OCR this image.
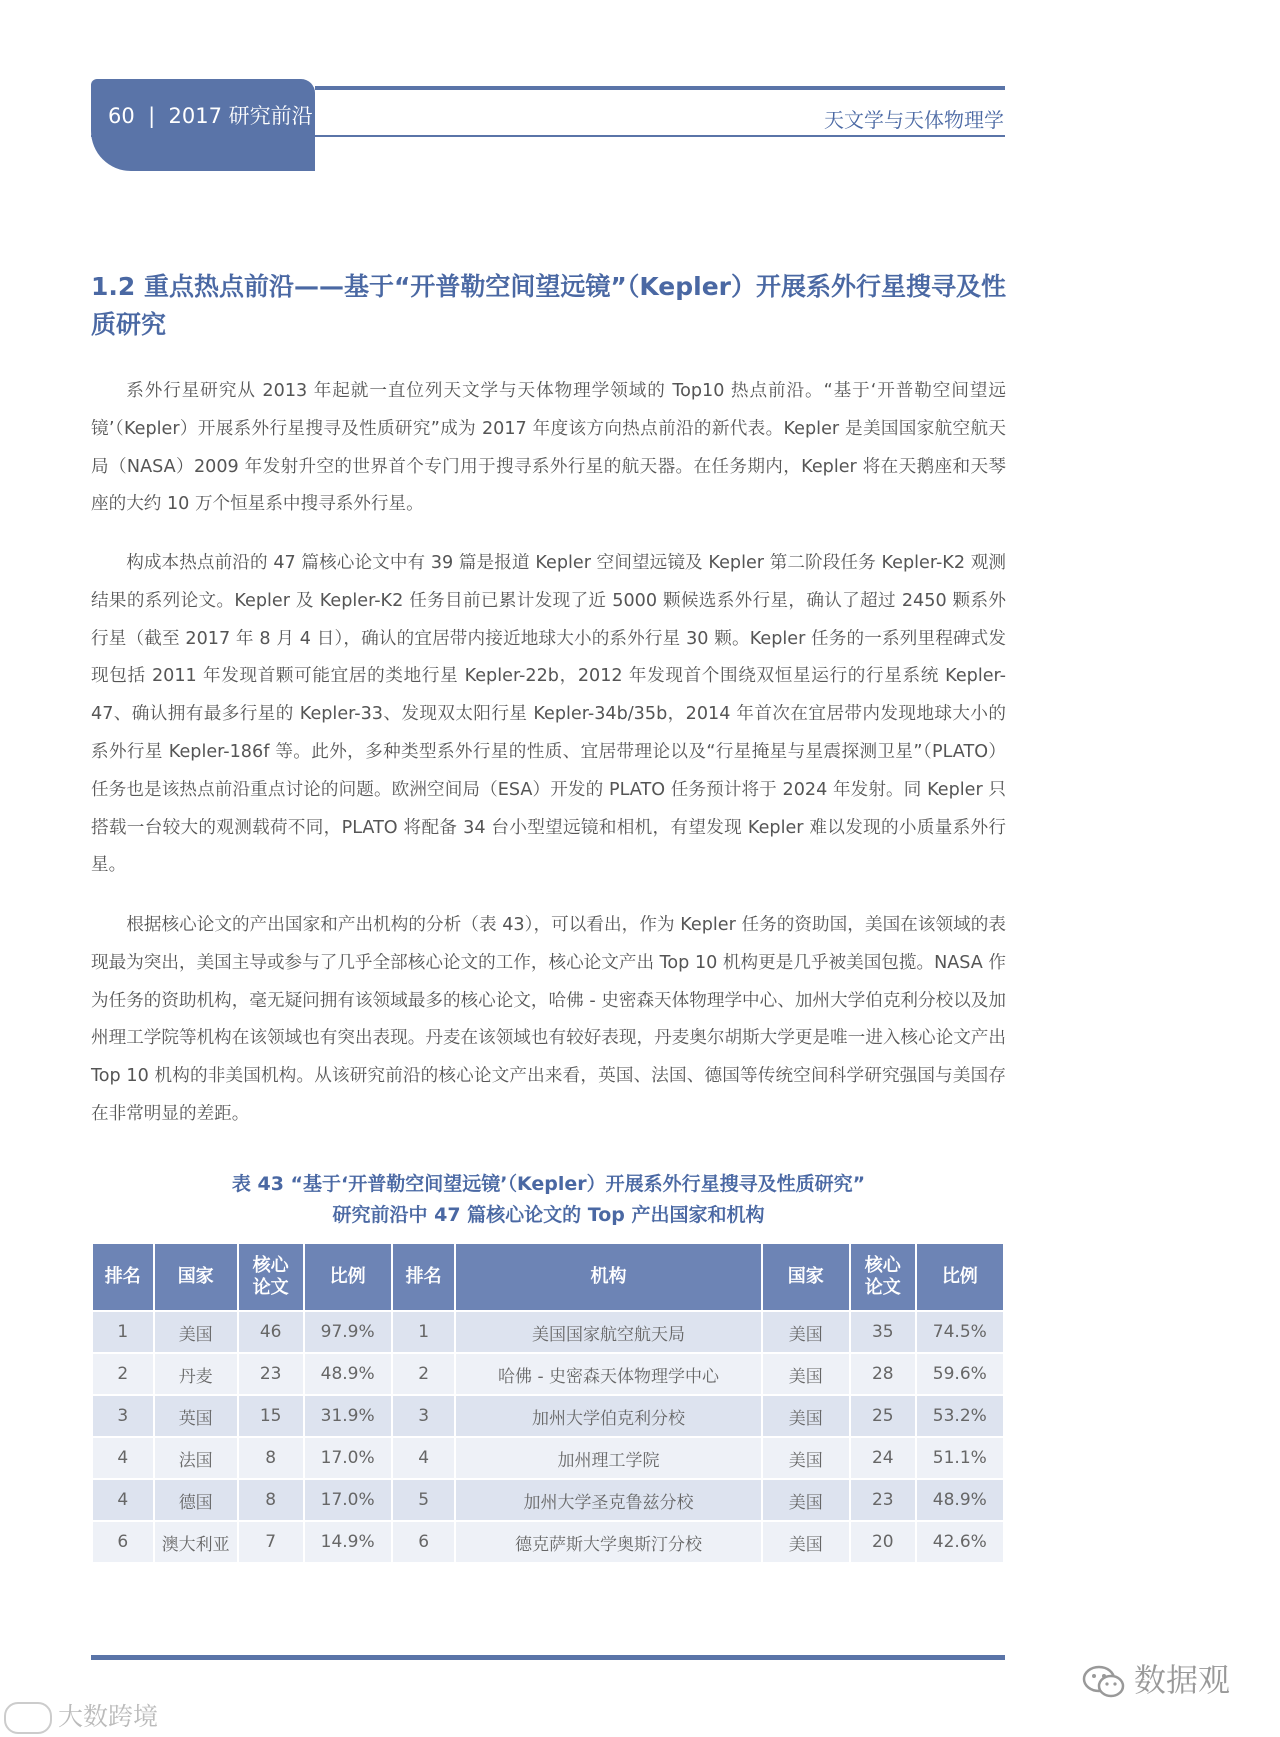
60  |  2017 研究前沿	天文学与天体物理学
1.2 重点热点前沿——基于“开普勒空间望远镜”（Kepler）开展系外行星搜寻及性质研究
系外行星研究从 2013 年起就一直位列天文学与天体物理学领域的 Top10 热点前沿。“基于‘开普勒空间望远镜’（Kepler）开展系外行星搜寻及性质研究”成为 2017 年度该方向热点前沿的新代表。Kepler 是美国国家航空航天局（NASA）2009 年发射升空的世界首个专门用于搜寻系外行星的航天器。在任务期内，Kepler 将在天鹅座和天琴座的大约 10 万个恒星系中搜寻系外行星。
构成本热点前沿的 47 篇核心论文中有 39 篇是报道 Kepler 空间望远镜及 Kepler 第二阶段任务 Kepler-K2 观测结果的系列论文。Kepler 及 Kepler-K2 任务目前已累计发现了近 5000 颗候选系外行星，确认了超过 2450 颗系外行星（截至 2017 年 8 月 4 日），确认的宜居带内接近地球大小的系外行星 30 颗。Kepler 任务的一系列里程碑式发现包括 2011 年发现首颗可能宜居的类地行星 Kepler-22b，2012 年发现首个围绕双恒星运行的行星系统 Kepler-47、确认拥有最多行星的 Kepler-33、发现双太阳行星 Kepler-34b/35b，2014 年首次在宜居带内发现地球大小的系外行星 Kepler-186f 等。此外，多种类型系外行星的性质、宜居带理论以及“行星掩星与星震探测卫星”（PLATO）任务也是该热点前沿重点讨论的问题。欧洲空间局（ESA）开发的 PLATO 任务预计将于 2024 年发射。同 Kepler 只搭载一台较大的观测载荷不同，PLATO 将配备 34 台小型望远镜和相机，有望发现 Kepler 难以发现的小质量系外行星。
根据核心论文的产出国家和产出机构的分析（表 43），可以看出，作为 Kepler 任务的资助国，美国在该领域的表现最为突出，美国主导或参与了几乎全部核心论文的工作，核心论文产出 Top 10 机构更是几乎被美国包揽。NASA 作为任务的资助机构，毫无疑问拥有该领域最多的核心论文，哈佛 - 史密森天体物理学中心、加州大学伯克利分校以及加州理工学院等机构在该领域也有突出表现。丹麦在该领域也有较好表现，丹麦奥尔胡斯大学更是唯一进入核心论文产出 Top 10 机构的非美国机构。从该研究前沿的核心论文产出来看，英国、法国、德国等传统空间科学研究强国与美国存在非常明显的差距。
表 43 “基于‘开普勒空间望远镜’（Kepler）开展系外行星搜寻及性质研究”
研究前沿中 47 篇核心论文的 Top 产出国家和机构
排名	国家	核心论文	比例	排名	机构	国家	核心论文	比例
1	美国	46	97.9%	1	美国国家航空航天局	美国	35	74.5%
2	丹麦	23	48.9%	2	哈佛 - 史密森天体物理学中心	美国	28	59.6%
3	英国	15	31.9%	3	加州大学伯克利分校	美国	25	53.2%
4	法国	8	17.0%	4	加州理工学院	美国	24	51.1%
4	德国	8	17.0%	5	加州大学圣克鲁兹分校	美国	23	48.9%
6	澳大利亚	7	14.9%	6	德克萨斯大学奥斯汀分校	美国	20	42.6%
数据观
大数跨境
